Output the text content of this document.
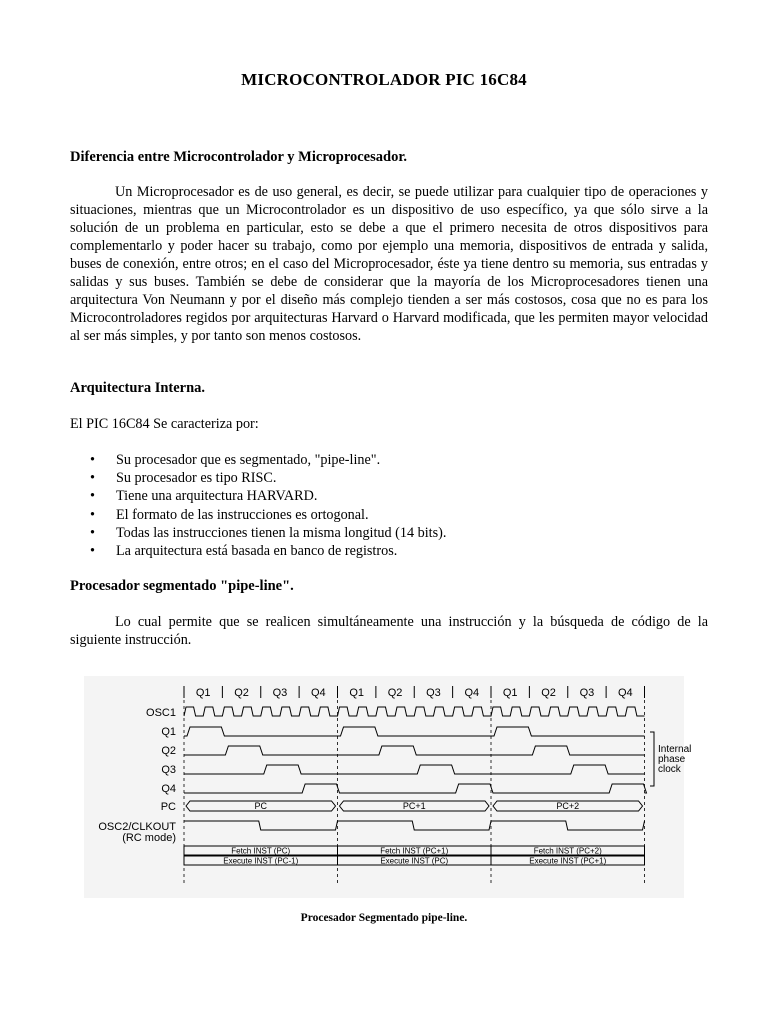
MICROCONTROLADOR PIC 16C84
Diferencia entre Microcontrolador y Microprocesador.
Un Microprocesador es de uso general, es decir, se puede utilizar para cualquier tipo de operaciones y situaciones, mientras que un Microcontrolador es un dispositivo de uso específico, ya que sólo sirve a la solución de un problema en particular, esto se debe a que el primero necesita de otros dispositivos para complementarlo y poder hacer su trabajo, como por ejemplo una memoria, dispositivos de entrada y salida, buses de conexión, entre otros; en el caso del Microprocesador, éste ya tiene dentro su memoria, sus entradas y salidas y sus buses. También se debe de considerar que la mayoría de los Microprocesadores tienen una arquitectura Von Neumann y por el diseño más complejo tienden a ser más costosos, cosa que no es para los Microcontroladores regidos por arquitecturas Harvard o Harvard modificada, que les permiten mayor velocidad al ser más simples, y por tanto son menos costosos.
Arquitectura Interna.
El PIC 16C84 Se caracteriza por:
• Su procesador que es segmentado, "pipe-line".
• Su procesador es tipo RISC.
• Tiene una arquitectura HARVARD.
• El formato de las instrucciones es ortogonal.
• Todas las instrucciones tienen la misma longitud (14 bits).
• La arquitectura está basada en banco de registros.
Procesador segmentado "pipe-line".
Lo cual permite que se realicen simultáneamente una instrucción y la búsqueda de código de la siguiente instrucción.
Q1 Q2 Q3 Q4 Q1 Q2 Q3 Q4 Q1 Q2 Q3 Q4
OSC1
Q1
Q2
Q3
Q4
PC
OSC2/CLKOUT
(RC mode)
Internal
phase
clock
PC	PC+1	PC+2
Fetch INST (PC)
Execute INST (PC-1)
Fetch INST (PC+1)
Execute INST (PC)
Fetch INST (PC+2)
Execute INST (PC+1)
Procesador Segmentado pipe-line.
